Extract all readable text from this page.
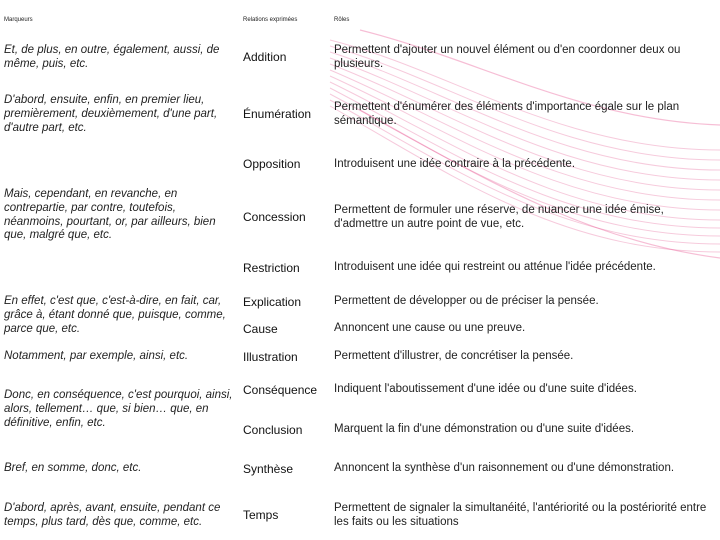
Marqueurs	Relations exprimées	Rôles
Et, de plus, en outre, également, aussi, de même, puis, etc.
D'abord, ensuite, enfin, en premier lieu, premièrement, deuxièmement, d'une part, d'autre part, etc.
Mais, cependant, en revanche, en contrepartie, par contre, toutefois, néanmoins, pourtant, or, par ailleurs, bien que, malgré que, etc.
En effet, c'est que, c'est-à-dire, en fait, car, grâce à, étant donné que, puisque, comme, parce que, etc.
Notamment, par exemple, ainsi, etc.
Donc, en conséquence, c'est pourquoi, ainsi, alors, tellement… que, si bien… que, en définitive, enfin, etc.
Bref, en somme, donc, etc.
D'abord, après, avant, ensuite, pendant ce temps, plus tard, dès que, comme, etc.
Addition
Énumération
Opposition
Concession
Restriction
Explication
Cause
Illustration
Conséquence
Conclusion
Synthèse
Temps
Permettent d'ajouter un nouvel élément ou d'en coordonner deux ou plusieurs.
Permettent d'énumérer des éléments d'importance égale sur le plan sémantique.
Introduisent une idée contraire à la précédente.
Permettent de formuler une réserve, de nuancer une idée émise, d'admettre un autre point de vue, etc.
Introduisent une idée qui restreint ou atténue l'idée précédente.
Permettent de développer ou de préciser la pensée.
Annoncent une cause ou une preuve.
Permettent d'illustrer, de concrétiser la pensée.
Indiquent l'aboutissement d'une idée ou d'une suite d'idées.
Marquent la fin d'une démonstration ou d'une suite d'idées.
Annoncent la synthèse d'un raisonnement ou d'une démonstration.
Permettent de signaler la simultanéité, l'antériorité ou la postériorité entre les faits ou les situations
